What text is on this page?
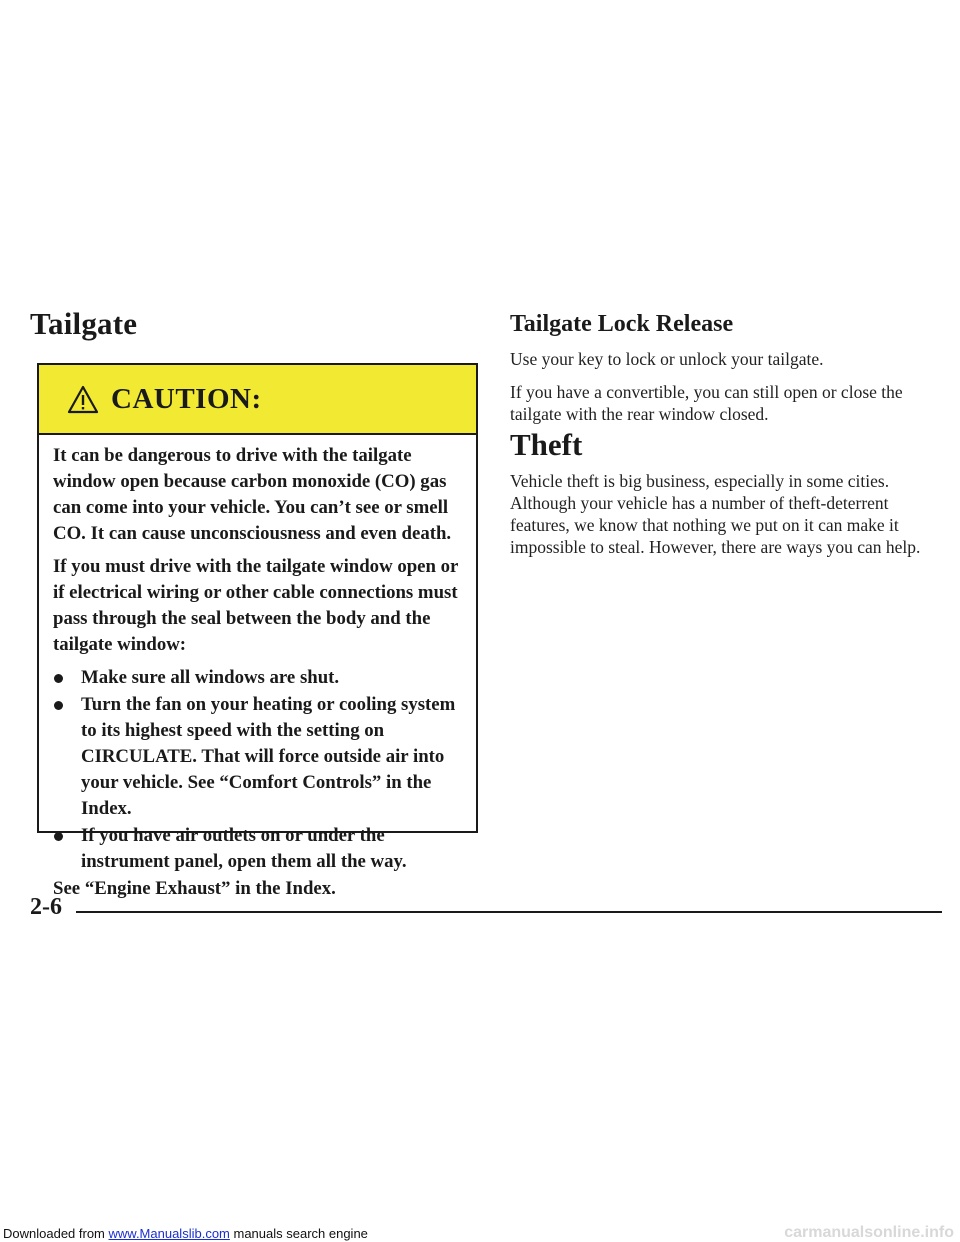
Tailgate
CAUTION:

It can be dangerous to drive with the tailgate window open because carbon monoxide (CO) gas can come into your vehicle. You can’t see or smell CO. It can cause unconsciousness and even death.

If you must drive with the tailgate window open or if electrical wiring or other cable connections must pass through the seal between the body and the tailgate window:

Make sure all windows are shut.
Turn the fan on your heating or cooling system to its highest speed with the setting on CIRCULATE. That will force outside air into your vehicle. See “Comfort Controls” in the Index.
If you have air outlets on or under the instrument panel, open them all the way.

See “Engine Exhaust” in the Index.

Tailgate Lock Release
Use your key to lock or unlock your tailgate.
If you have a convertible, you can still open or close the tailgate with the rear window closed.
Theft
Vehicle theft is big business, especially in some cities. Although your vehicle has a number of theft-deterrent features, we know that nothing we put on it can make it impossible to steal. However, there are ways you can help.
2-6
Downloaded from www.Manualslib.com manuals search engine	carmanualsonline.info
